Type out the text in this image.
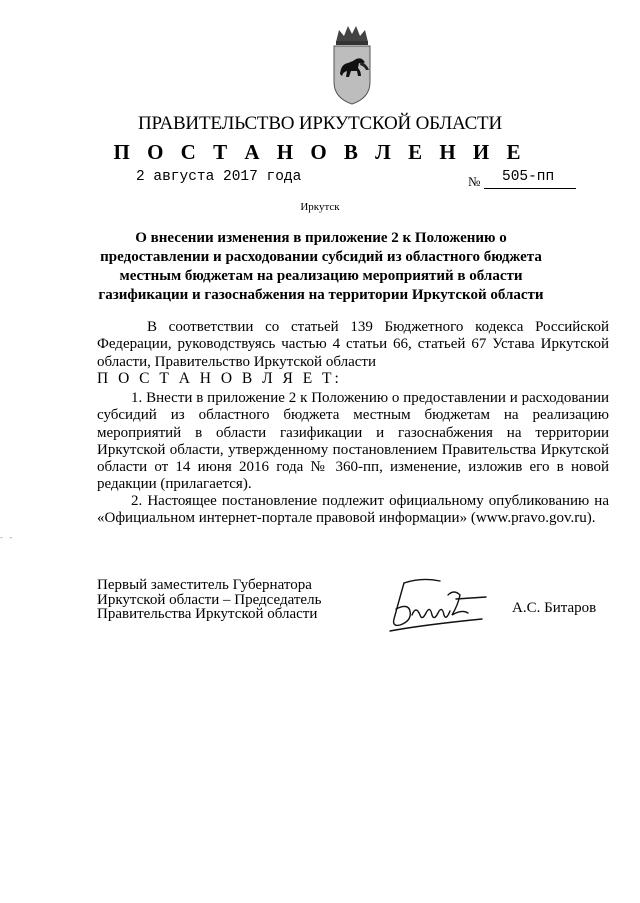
ПРАВИТЕЛЬСТВО ИРКУТСКОЙ ОБЛАСТИ
П О С Т А Н О В Л Е Н И Е
2 августа 2017 года	№ 505-пп
Иркутск
О внесении изменения в приложение 2 к Положению о предоставлении и расходовании субсидий из областного бюджета местным бюджетам на реализацию мероприятий в области газификации и газоснабжения на территории Иркутской области
В соответствии со статьей 139 Бюджетного кодекса Российской Федерации, руководствуясь частью 4 статьи 66, статьей 67 Устава Иркутской области, Правительство Иркутской области
П О С Т А Н О В Л Я Е Т:
1. Внести в приложение 2 к Положению о предоставлении и расходовании субсидий из областного бюджета местным бюджетам на реализацию мероприятий в области газификации и газоснабжения на территории Иркутской области, утвержденному постановлением Правительства Иркутской области от 14 июня 2016 года № 360-пп, изменение, изложив его в новой редакции (прилагается).
2. Настоящее постановление подлежит официальному опубликованию на «Официальном интернет-портале правовой информации» (www.pravo.gov.ru).
- -
Первый заместитель Губернатора
Иркутской области – Председатель
Правительства Иркутской области	А.С. Битаров
